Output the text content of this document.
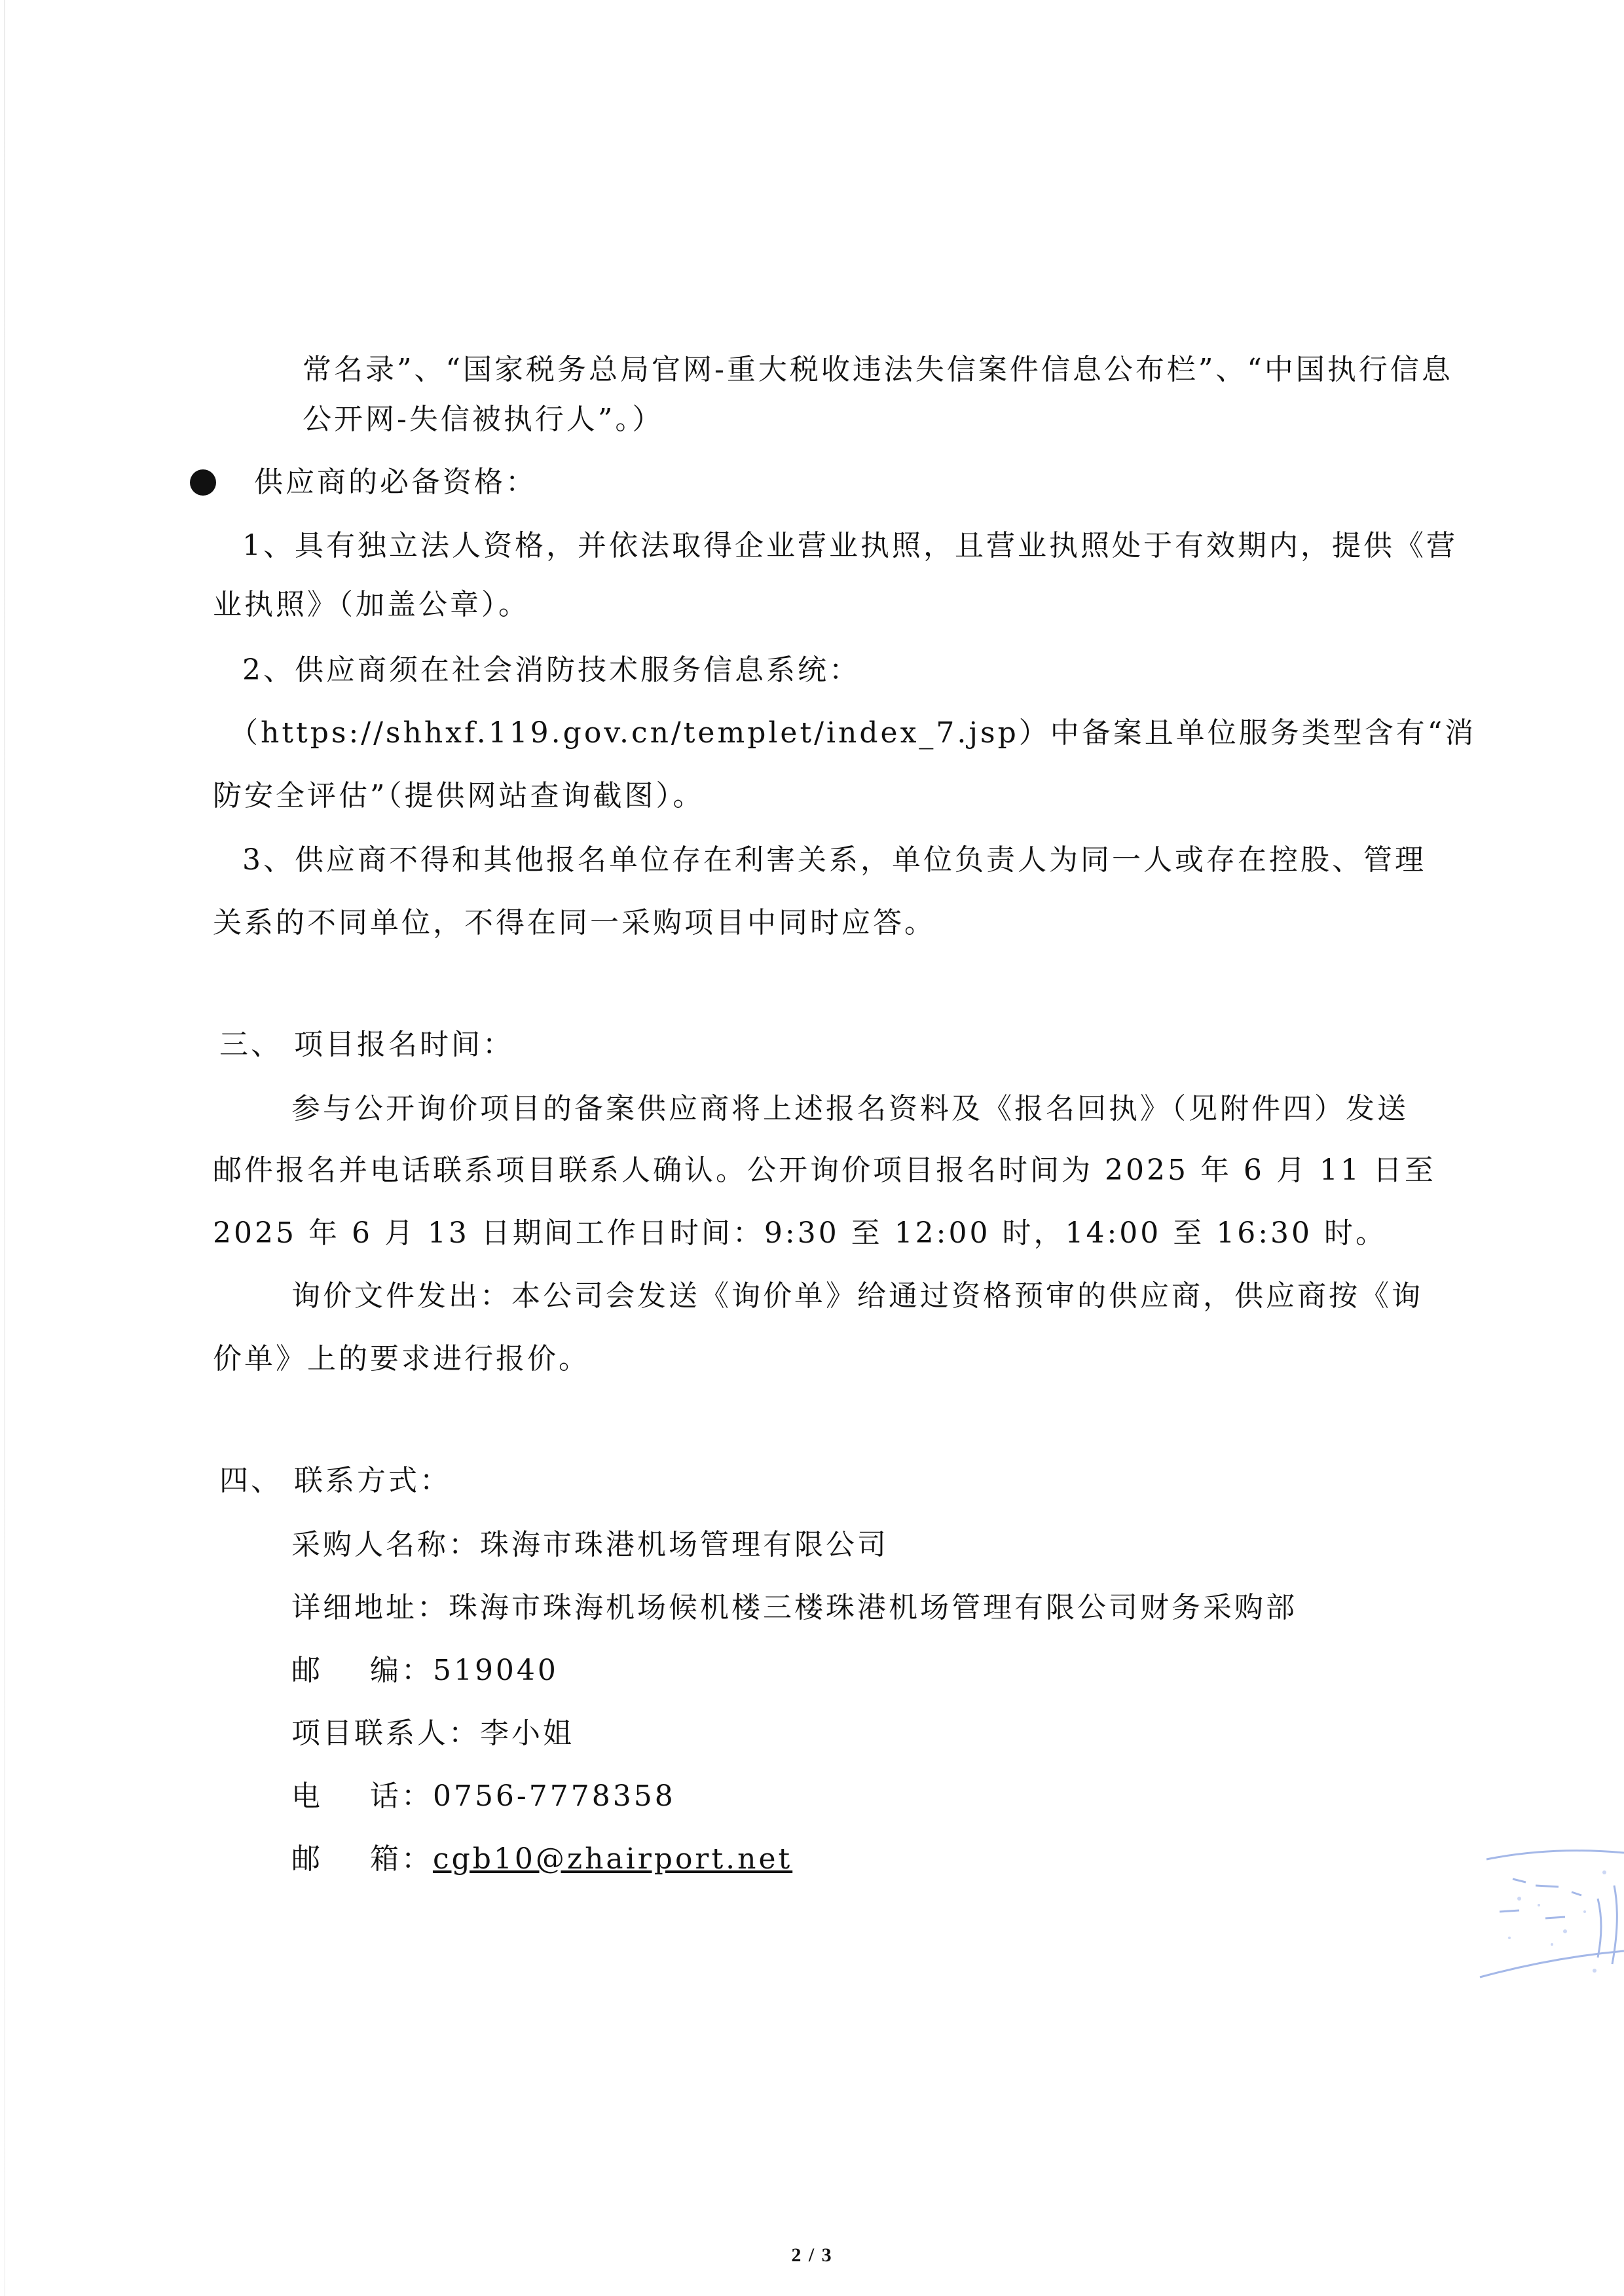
常名录”、“国家税务总局官网-重大税收违法失信案件信息公布栏”、“中国执行信息
公开网-失信被执行人”。）
供应商的必备资格：
1、具有独立法人资格，并依法取得企业营业执照，且营业执照处于有效期内，提供《营
业执照》（加盖公章）。
2、供应商须在社会消防技术服务信息系统：
（https://shhxf.119.gov.cn/templet/index_7.jsp）中备案且单位服务类型含有“消
防安全评估”（提供网站查询截图）。
3、供应商不得和其他报名单位存在利害关系，单位负责人为同一人或存在控股、管理
关系的不同单位，不得在同一采购项目中同时应答。
三、 项目报名时间：
参与公开询价项目的备案供应商将上述报名资料及《报名回执》（见附件四）发送
邮件报名并电话联系项目联系人确认。公开询价项目报名时间为 2025 年 6 月 11 日至
2025 年 6 月 13 日期间工作日时间：9:30 至 12:00 时，14:00 至 16:30 时。
询价文件发出：本公司会发送《询价单》给通过资格预审的供应商，供应商按《询
价单》上的要求进行报价。
四、 联系方式：
采购人名称：珠海市珠港机场管理有限公司
详细地址：珠海市珠海机场候机楼三楼珠港机场管理有限公司财务采购部
邮    编：519040
项目联系人：李小姐
电    话：0756-7778358
邮    箱：cgb10@zhairport.net
2 / 3
